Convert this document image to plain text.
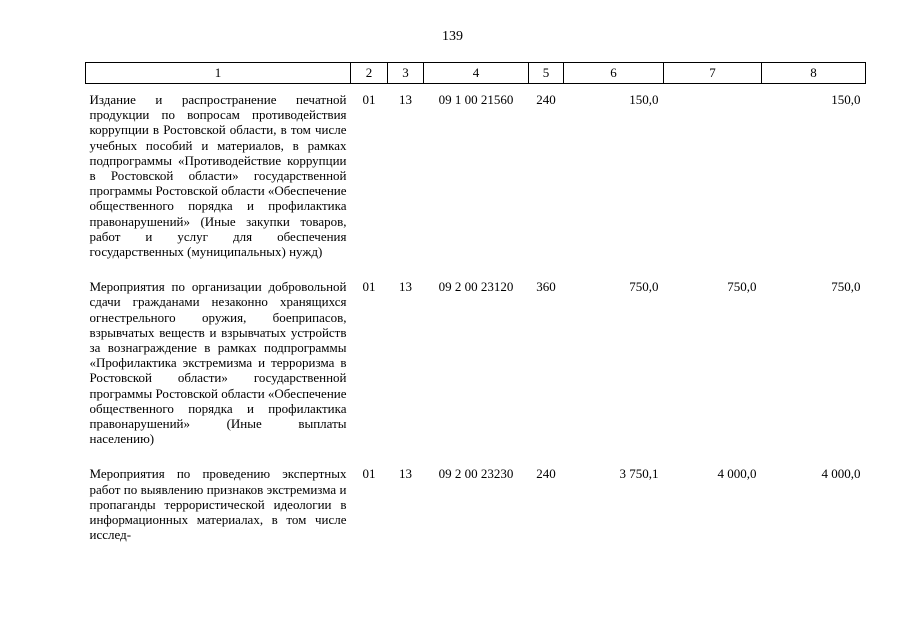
139
1	2	3	4	5	6	7	8
Издание и распространение печатной продукции по вопросам противодействия коррупции в Ростовской области, в том числе учебных пособий и материалов, в рамках подпрограммы «Противодействие коррупции в Ростовской области» государственной программы Ростовской области «Обеспечение общественного порядка и профилактика правонарушений» (Иные закупки товаров, работ и услуг для обеспечения государственных (муниципальных) нужд)	01	13	09 1 00 21560	240	150,0		150,0
Мероприятия по организации добровольной сдачи гражданами незаконно хранящихся огнестрельного оружия, боеприпасов, взрывчатых веществ и взрывчатых устройств за вознаграждение в рамках подпрограммы «Профилактика экстремизма и терроризма в Ростовской области» государственной программы Ростовской области «Обеспечение общественного порядка и профилактика правонарушений» (Иные выплаты населению)	01	13	09 2 00 23120	360	750,0	750,0	750,0
Мероприятия по проведению экспертных работ по выявлению признаков экстремизма и пропаганды террористической идеологии в информационных материалах, в том числе исслед-	01	13	09 2 00 23230	240	3 750,1	4 000,0	4 000,0
